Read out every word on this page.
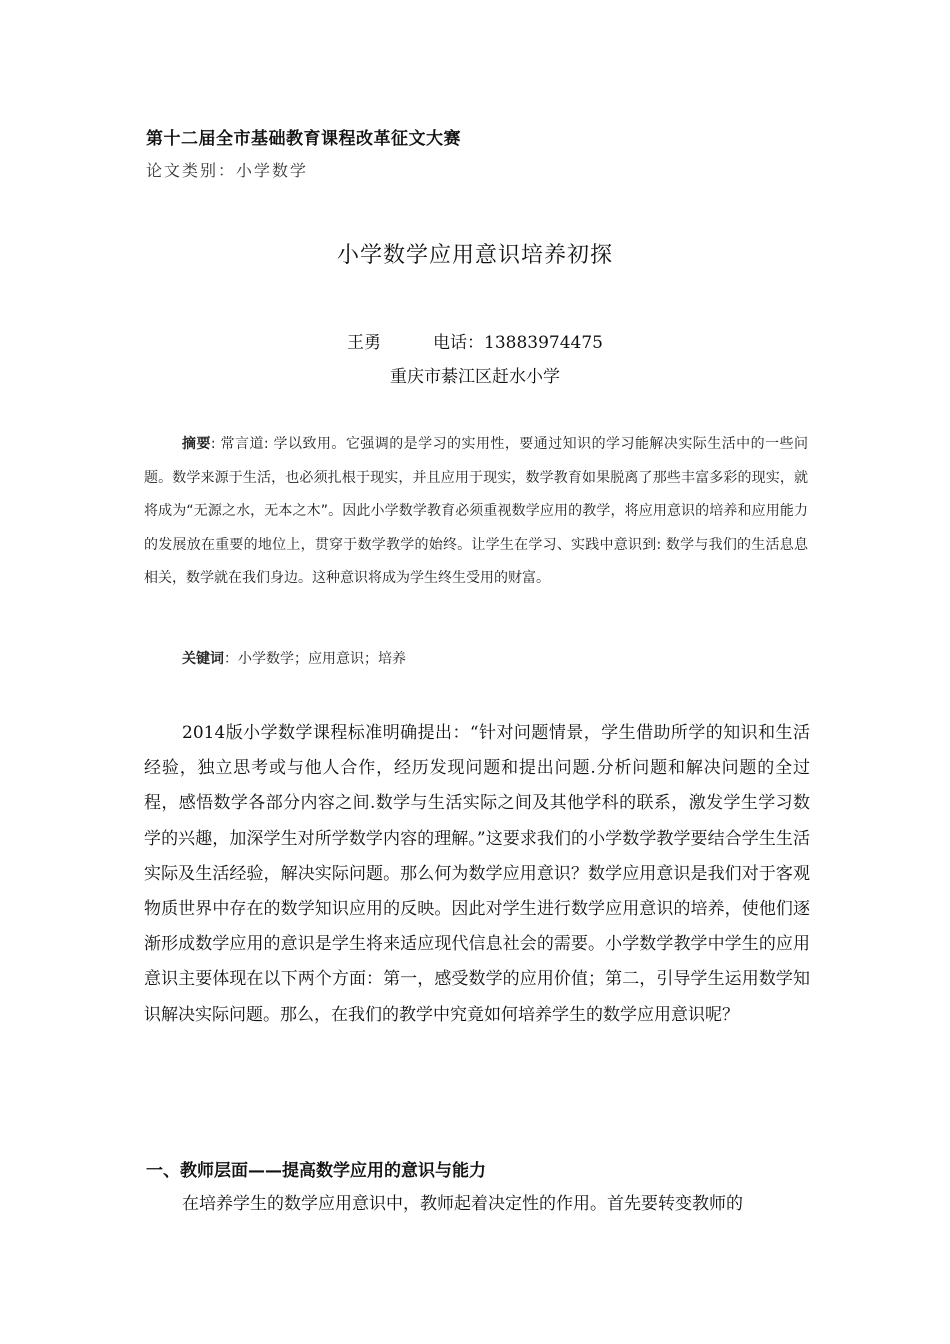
第十二届全市基础教育课程改革征文大赛
论文类别：小学数学
小学数学应用意识培养初探
王勇	电话：13883974475
重庆市綦江区赶水小学
摘要: 常言道: 学以致用。它强调的是学习的实用性，要通过知识的学习能解决实际生活中的一些问题。数学来源于生活，也必须扎根于现实，并且应用于现实，数学教育如果脱离了那些丰富多彩的现实，就将成为“无源之水，无本之木”。因此小学数学教育必须重视数学应用的教学，将应用意识的培养和应用能力的发展放在重要的地位上，贯穿于数学教学的始终。让学生在学习、实践中意识到: 数学与我们的生活息息相关，数学就在我们身边。这种意识将成为学生终生受用的财富。
关键词：小学数学；应用意识；培养
2014版小学数学课程标准明确提出：“针对问题情景，学生借助所学的知识和生活经验，独立思考或与他人合作，经历发现问题和提出问题.分析问题和解决问题的全过程，感悟数学各部分内容之间.数学与生活实际之间及其他学科的联系，激发学生学习数学的兴趣，加深学生对所学数学内容的理解。”这要求我们的小学数学教学要结合学生生活实际及生活经验，解决实际问题。那么何为数学应用意识？数学应用意识是我们对于客观物质世界中存在的数学知识应用的反映。因此对学生进行数学应用意识的培养，使他们逐渐形成数学应用的意识是学生将来适应现代信息社会的需要。小学数学教学中学生的应用意识主要体现在以下两个方面：第一，感受数学的应用价值；第二，引导学生运用数学知识解决实际问题。那么，在我们的教学中究竟如何培养学生的数学应用意识呢？
一、教师层面——提高数学应用的意识与能力
在培养学生的数学应用意识中，教师起着决定性的作用。首先要转变教师的
